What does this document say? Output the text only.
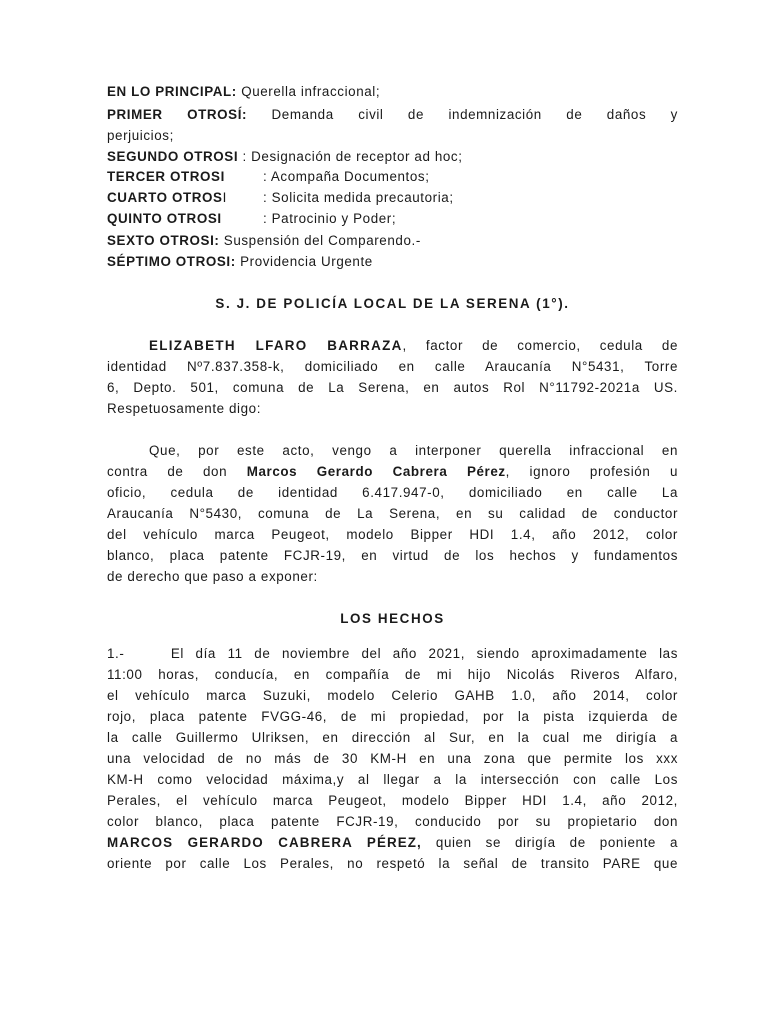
EN LO PRINCIPAL: Querella infraccional;
PRIMER OTROSÍ: Demanda civil de indemnización de daños y
perjuicios;
SEGUNDO OTROSI : Designación de receptor ad hoc;
TERCER OTROSI	: Acompaña Documentos;
CUARTO OTROSI	: Solicita medida precautoria;
QUINTO OTROSI	: Patrocinio y Poder;
SEXTO OTROSI: Suspensión del Comparendo.-
SÉPTIMO OTROSI: Providencia Urgente
S. J. DE POLICÍA LOCAL DE LA SERENA (1°).
ELIZABETH LFARO BARRAZA, factor de comercio, cedula de
identidad Nº7.837.358-k, domiciliado en calle Araucanía N°5431, Torre
6, Depto. 501, comuna de La Serena, en autos Rol N°11792-2021a US.
Respetuosamente digo:
Que, por este acto, vengo a interponer querella infraccional en
contra de don Marcos Gerardo Cabrera Pérez, ignoro profesión u
oficio, cedula de identidad 6.417.947-0, domiciliado en calle La
Araucanía N°5430, comuna de La Serena, en su calidad de conductor
del vehículo marca Peugeot, modelo Bipper HDI 1.4, año 2012, color
blanco, placa patente FCJR-19, en virtud de los hechos y fundamentos
de derecho que paso a exponer:
LOS HECHOS
1.-    El día 11 de noviembre del año 2021, siendo aproximadamente las
11:00 horas, conducía, en compañía de mi hijo Nicolás Riveros Alfaro,
el vehículo marca Suzuki, modelo Celerio GAHB 1.0, año 2014, color
rojo, placa patente FVGG-46, de mi propiedad, por la pista izquierda de
la calle Guillermo Ulriksen, en dirección al Sur, en la cual me dirigía a
una velocidad de no más de 30 KM-H en una zona que permite los xxx
KM-H como velocidad máxima,y al llegar a la intersección con calle Los
Perales, el vehículo marca Peugeot, modelo Bipper HDI 1.4, año 2012,
color blanco, placa patente FCJR-19, conducido por su propietario don
MARCOS GERARDO CABRERA PÉREZ, quien se dirigía de poniente a
oriente por calle Los Perales, no respetó la señal de transito PARE que
